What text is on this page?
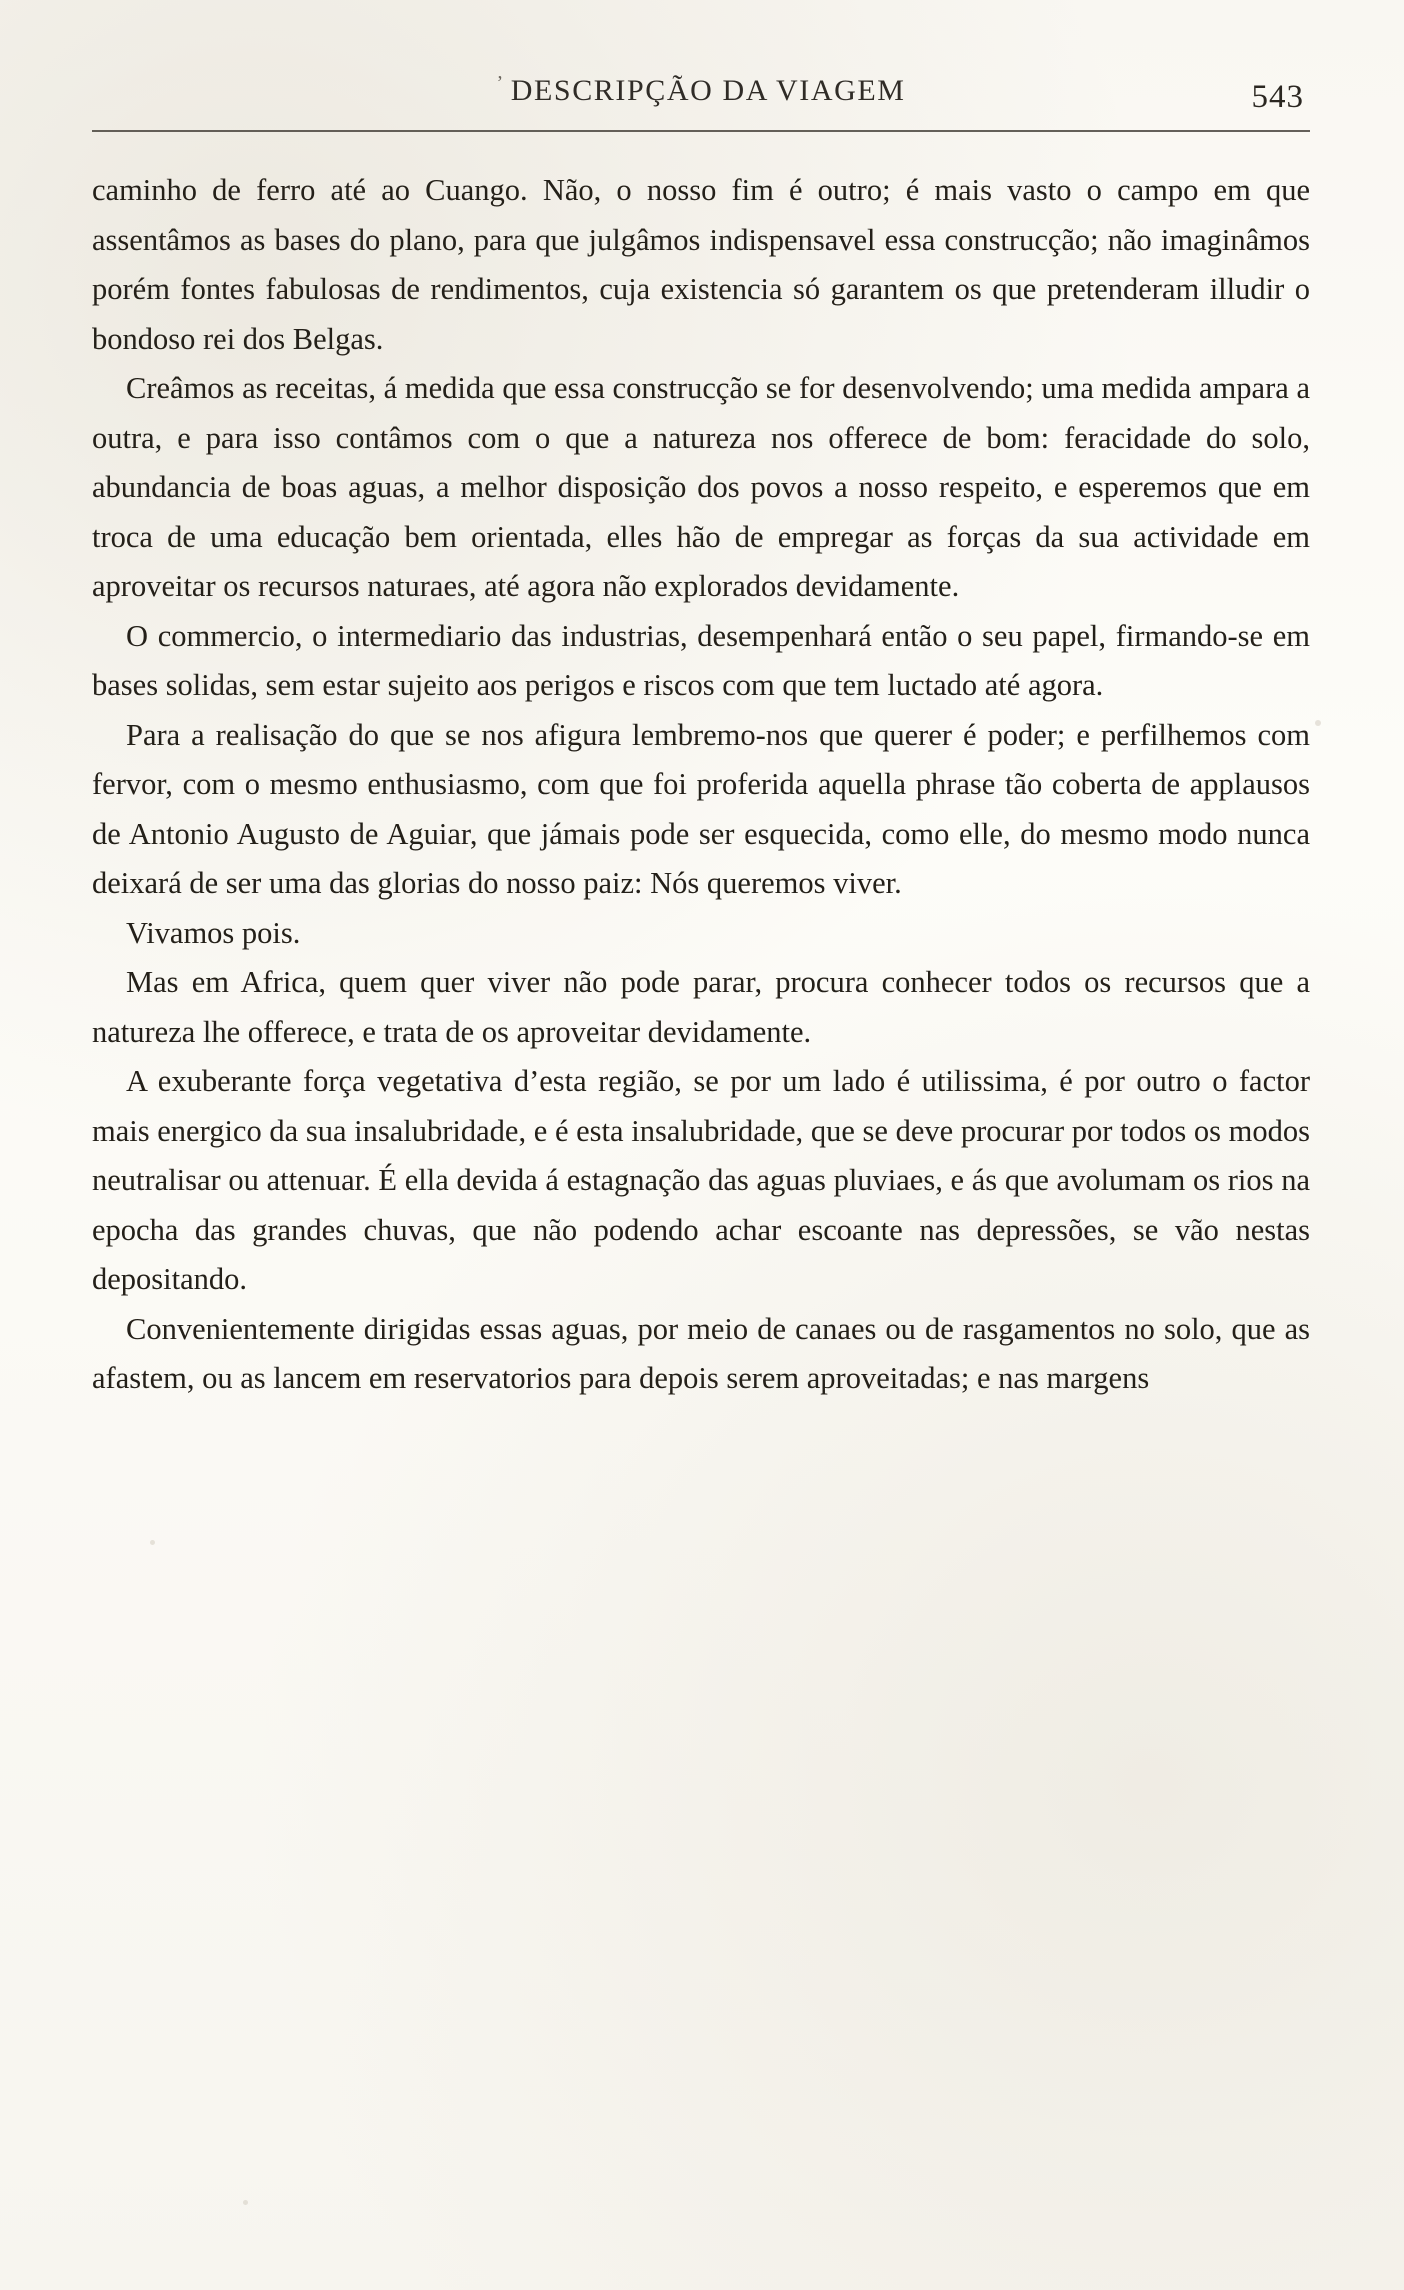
’ DESCRIPÇÃO DA VIAGEM	543

caminho de ferro até ao Cuango. Não, o nosso fim é outro; é mais vasto o campo em que assentâmos as bases do plano, para que julgâmos indispensavel essa construcção; não imaginâmos porém fontes fabulosas de rendimentos, cuja existencia só garantem os que pretenderam illudir o bondoso rei dos Belgas.

Creâmos as receitas, á medida que essa construcção se for desenvolvendo; uma medida ampara a outra, e para isso contâmos com o que a natureza nos offerece de bom: feracidade do solo, abundancia de boas aguas, a melhor disposição dos povos a nosso respeito, e esperemos que em troca de uma educação bem orientada, elles hão de empregar as forças da sua actividade em aproveitar os recursos naturaes, até agora não explorados devidamente.

O commercio, o intermediario das industrias, desempenhará então o seu papel, firmando-se em bases solidas, sem estar sujeito aos perigos e riscos com que tem luctado até agora.

Para a realisação do que se nos afigura lembremo-nos que querer é poder; e perfilhemos com fervor, com o mesmo enthusiasmo, com que foi proferida aquella phrase tão coberta de applausos de Antonio Augusto de Aguiar, que jámais pode ser esquecida, como elle, do mesmo modo nunca deixará de ser uma das glorias do nosso paiz: Nós queremos viver.

Vivamos pois.

Mas em Africa, quem quer viver não pode parar, procura conhecer todos os recursos que a natureza lhe offerece, e trata de os aproveitar devidamente.

A exuberante força vegetativa d’esta região, se por um lado é utilissima, é por outro o factor mais energico da sua insalubridade, e é esta insalubridade, que se deve procurar por todos os modos neutralisar ou attenuar. É ella devida á estagnação das aguas pluviaes, e ás que avolumam os rios na epocha das grandes chuvas, que não podendo achar escoante nas depressões, se vão nestas depositando.

Convenientemente dirigidas essas aguas, por meio de canaes ou de rasgamentos no solo, que as afastem, ou as lancem em reservatorios para depois serem aproveitadas; e nas margens
